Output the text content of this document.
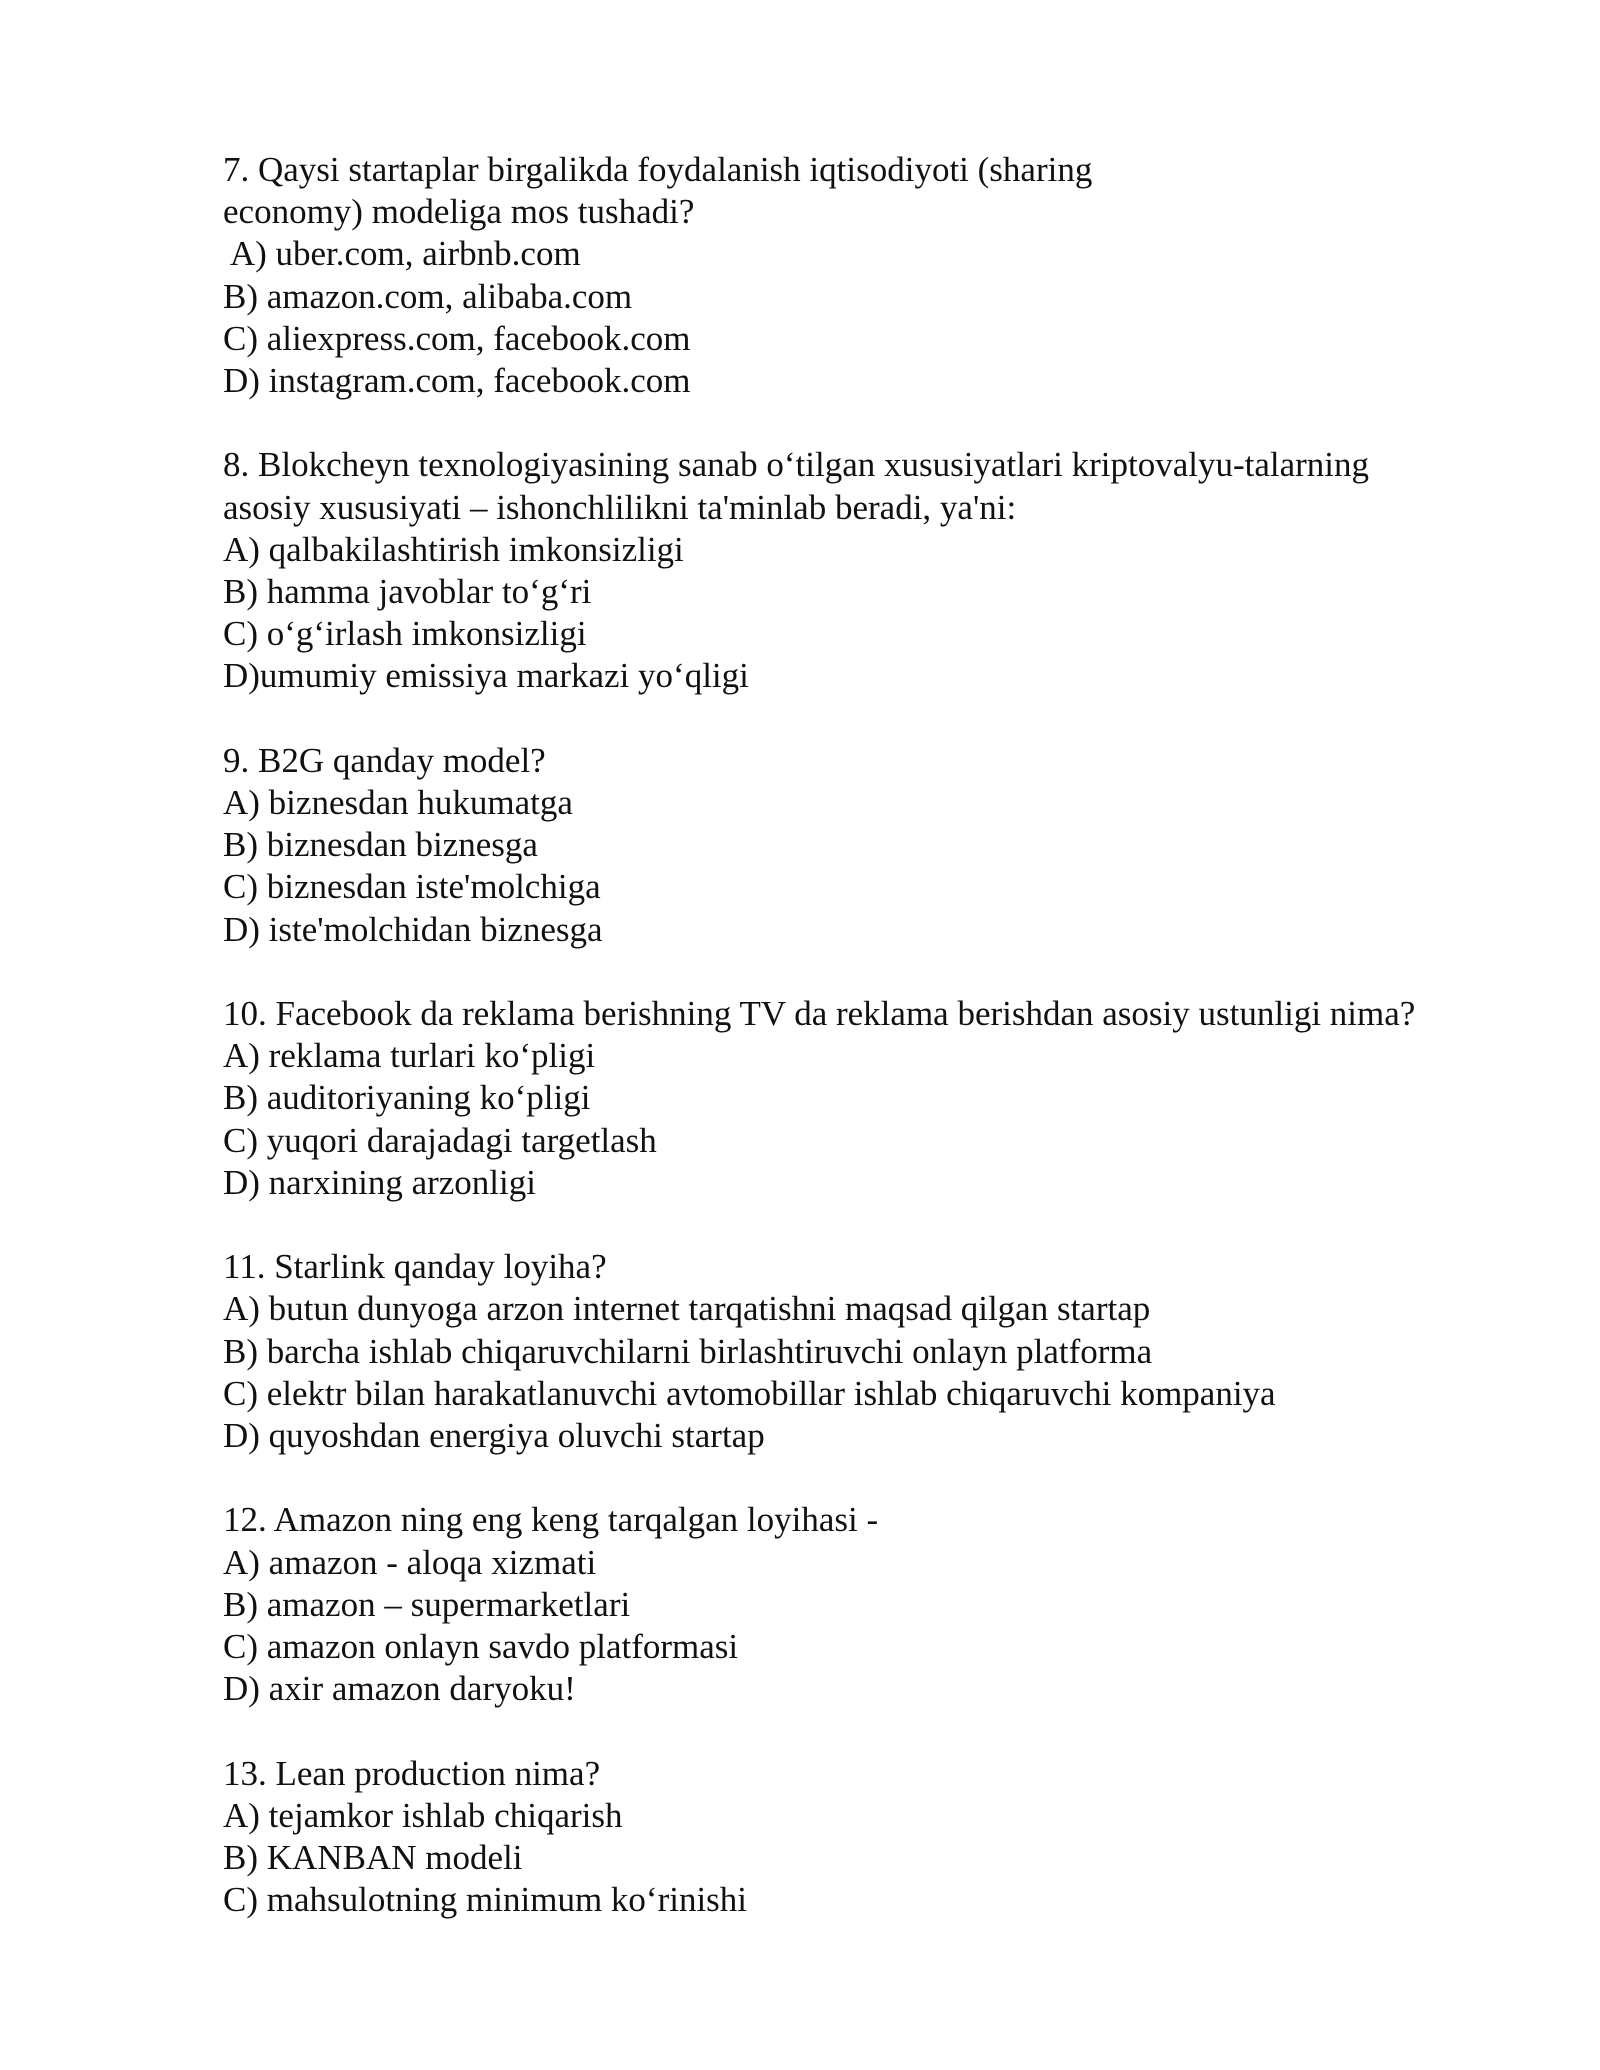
7. Qaysi startaplar birgalikda foydalanish iqtisodiyoti (sharing
economy) modeliga mos tushadi?
A) uber.com, airbnb.com
B) amazon.com, alibaba.com
C) aliexpress.com, facebook.com
D) instagram.com, facebook.com
8. Blokcheyn texnologiyasining sanab o‘tilgan xususiyatlari kriptovalyu-talarning
asosiy xususiyati – ishonchlilikni ta'minlab beradi, ya'ni:
A) qalbakilashtirish imkonsizligi
B) hamma javoblar to‘g‘ri
C) o‘g‘irlash imkonsizligi
D)umumiy emissiya markazi yo‘qligi
9. B2G qanday model?
A) biznesdan hukumatga
B) biznesdan biznesga
C) biznesdan iste'molchiga
D) iste'molchidan biznesga
10. Facebook da reklama berishning TV da reklama berishdan asosiy ustunligi nima?
A) reklama turlari ko‘pligi
B) auditoriyaning ko‘pligi
C) yuqori darajadagi targetlash
D) narxining arzonligi
11. Starlink qanday loyiha?
A) butun dunyoga arzon internet tarqatishni maqsad qilgan startap
B) barcha ishlab chiqaruvchilarni birlashtiruvchi onlayn platforma
C) elektr bilan harakatlanuvchi avtomobillar ishlab chiqaruvchi kompaniya
D) quyoshdan energiya oluvchi startap
12. Amazon ning eng keng tarqalgan loyihasi -
A) amazon - aloqa xizmati
B) amazon – supermarketlari
C) amazon onlayn savdo platformasi
D) axir amazon daryoku!
13. Lean production nima?
A) tejamkor ishlab chiqarish
B) KANBAN modeli
C) mahsulotning minimum ko‘rinishi
